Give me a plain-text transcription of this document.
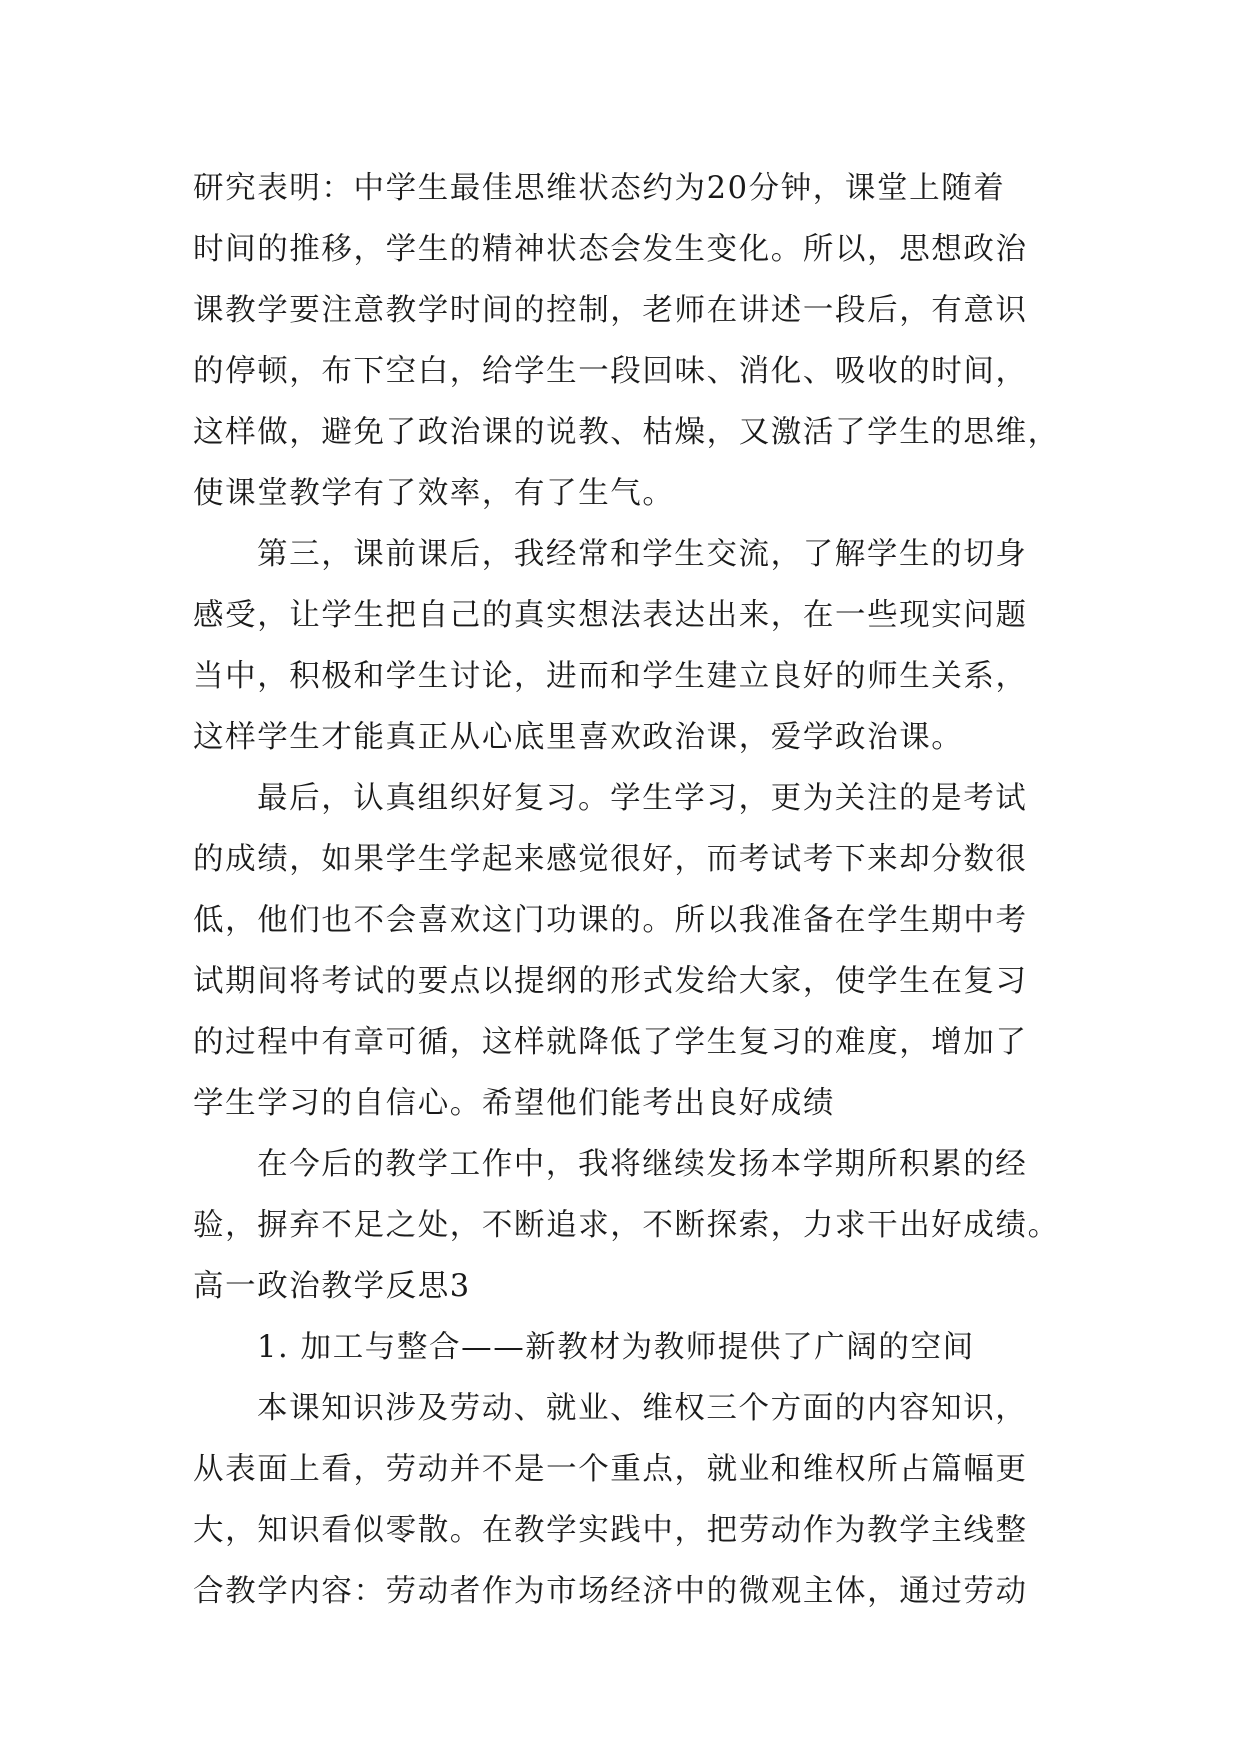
研究表明：中学生最佳思维状态约为20分钟，课堂上随着
时间的推移，学生的精神状态会发生变化。所以，思想政治
课教学要注意教学时间的控制，老师在讲述一段后，有意识
的停顿，布下空白，给学生一段回味、消化、吸收的时间，
这样做，避免了政治课的说教、枯燥，又激活了学生的思维，
使课堂教学有了效率，有了生气。
第三，课前课后，我经常和学生交流，了解学生的切身
感受，让学生把自己的真实想法表达出来，在一些现实问题
当中，积极和学生讨论，进而和学生建立良好的师生关系，
这样学生才能真正从心底里喜欢政治课，爱学政治课。
最后，认真组织好复习。学生学习，更为关注的是考试
的成绩，如果学生学起来感觉很好，而考试考下来却分数很
低，他们也不会喜欢这门功课的。所以我准备在学生期中考
试期间将考试的要点以提纲的形式发给大家，使学生在复习
的过程中有章可循，这样就降低了学生复习的难度，增加了
学生学习的自信心。希望他们能考出良好成绩
在今后的教学工作中，我将继续发扬本学期所积累的经
验，摒弃不足之处，不断追求，不断探索，力求干出好成绩。
高一政治教学反思3
1. 加工与整合——新教材为教师提供了广阔的空间
本课知识涉及劳动、就业、维权三个方面的内容知识，
从表面上看，劳动并不是一个重点，就业和维权所占篇幅更
大，知识看似零散。在教学实践中，把劳动作为教学主线整
合教学内容：劳动者作为市场经济中的微观主体，通过劳动
